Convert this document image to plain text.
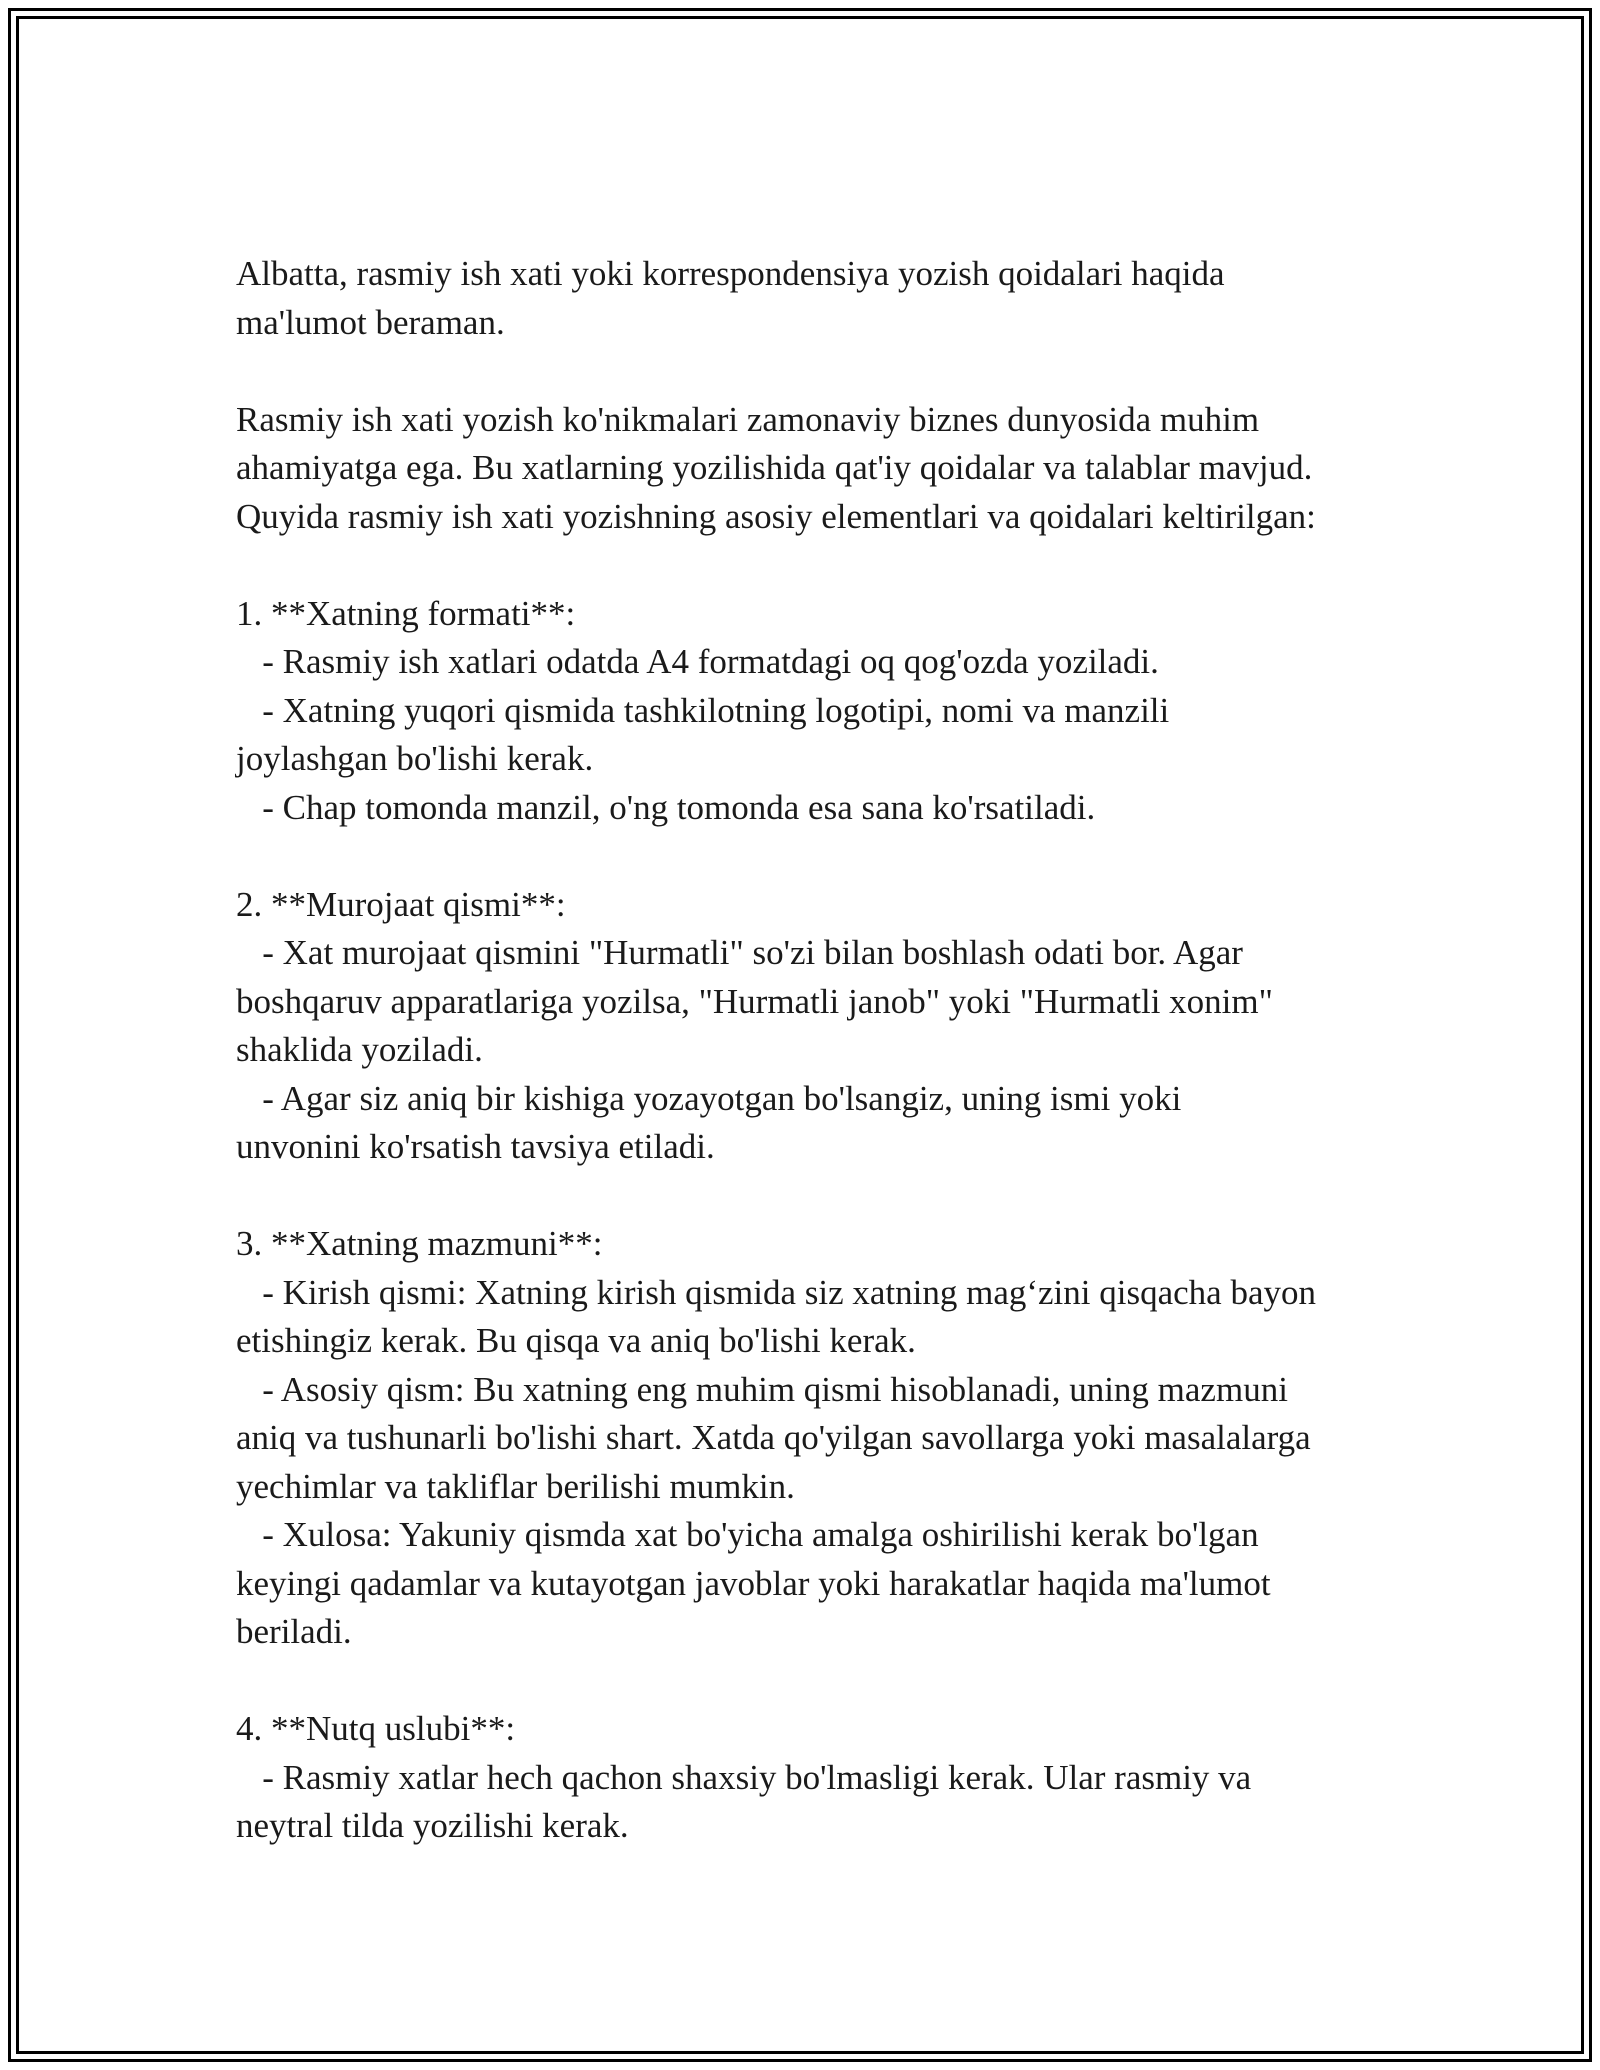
Albatta, rasmiy ish xati yoki korrespondensiya yozish qoidalari haqida
ma'lumot beraman.
Rasmiy ish xati yozish ko'nikmalari zamonaviy biznes dunyosida muhim
ahamiyatga ega. Bu xatlarning yozilishida qat'iy qoidalar va talablar mavjud.
Quyida rasmiy ish xati yozishning asosiy elementlari va qoidalari keltirilgan:
1. **Xatning formati**:
- Rasmiy ish xatlari odatda A4 formatdagi oq qog'ozda yoziladi.
- Xatning yuqori qismida tashkilotning logotipi, nomi va manzili
joylashgan bo'lishi kerak.
- Chap tomonda manzil, o'ng tomonda esa sana ko'rsatiladi.
2. **Murojaat qismi**:
- Xat murojaat qismini "Hurmatli" so'zi bilan boshlash odati bor. Agar
boshqaruv apparatlariga yozilsa, "Hurmatli janob" yoki "Hurmatli xonim"
shaklida yoziladi.
- Agar siz aniq bir kishiga yozayotgan bo'lsangiz, uning ismi yoki
unvonini ko'rsatish tavsiya etiladi.
3. **Xatning mazmuni**:
- Kirish qismi: Xatning kirish qismida siz xatning mag‘zini qisqacha bayon
etishingiz kerak. Bu qisqa va aniq bo'lishi kerak.
- Asosiy qism: Bu xatning eng muhim qismi hisoblanadi, uning mazmuni
aniq va tushunarli bo'lishi shart. Xatda qo'yilgan savollarga yoki masalalarga
yechimlar va takliflar berilishi mumkin.
- Xulosa: Yakuniy qismda xat bo'yicha amalga oshirilishi kerak bo'lgan
keyingi qadamlar va kutayotgan javoblar yoki harakatlar haqida ma'lumot
beriladi.
4. **Nutq uslubi**:
- Rasmiy xatlar hech qachon shaxsiy bo'lmasligi kerak. Ular rasmiy va
neytral tilda yozilishi kerak.
